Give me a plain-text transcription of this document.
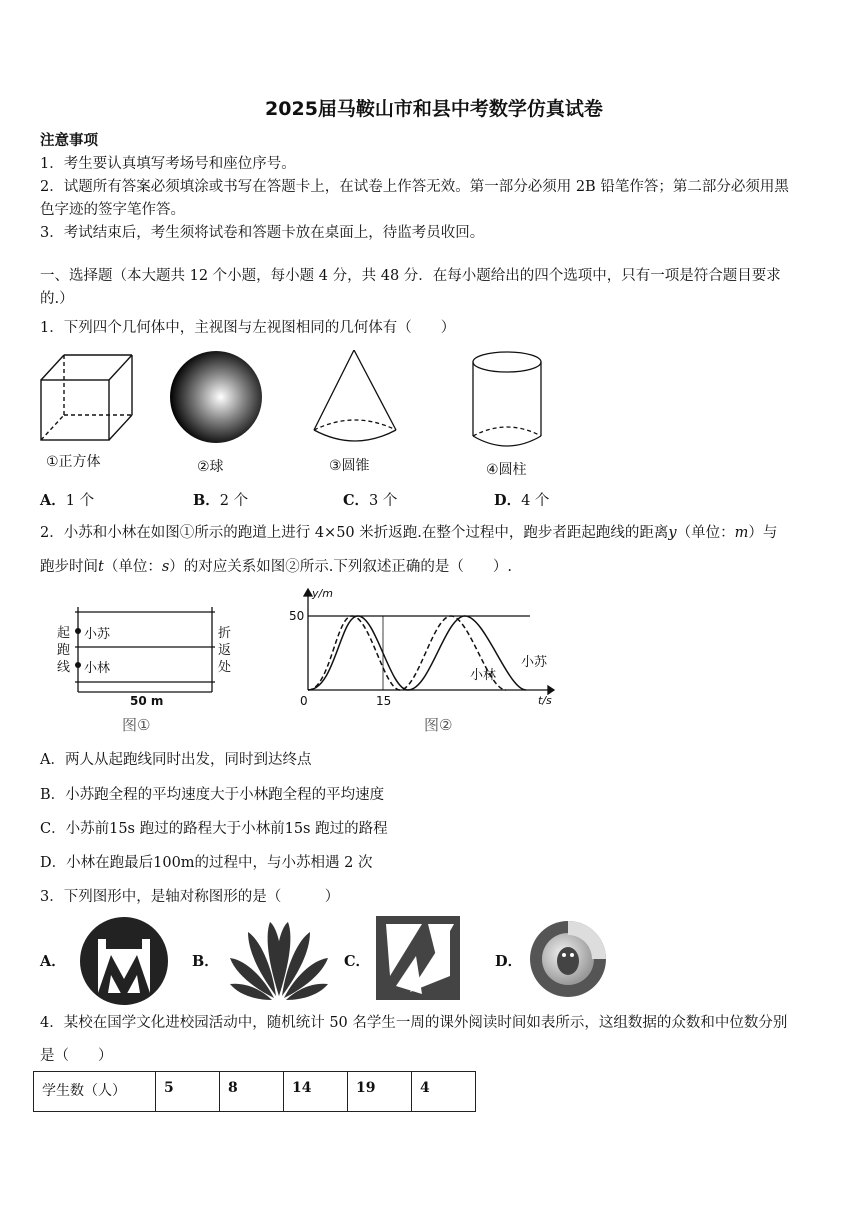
2025届马鞍山市和县中考数学仿真试卷
注意事项
1．考生要认真填写考场号和座位序号。
2．试题所有答案必须填涂或书写在答题卡上，在试卷上作答无效。第一部分必须用 2B 铅笔作答；第二部分必须用黑
色字迹的签字笔作答。
3．考试结束后，考生须将试卷和答题卡放在桌面上，待监考员收回。
一、选择题（本大题共 12 个小题，每小题 4 分，共 48 分．在每小题给出的四个选项中，只有一项是符合题目要求
的.）
1．下列四个几何体中，主视图与左视图相同的几何体有（　　）
①正方体	②球	③圆锥	④圆柱
A．1 个	B．2 个	C．3 个	D．4 个
2．小苏和小林在如图①所示的跑道上进行 4×50 米折返跑.在整个过程中，跑步者距起跑线的距离y（单位：m）与
跑步时间t（单位：s）的对应关系如图②所示.下列叙述正确的是（　　）.
起跑线
折返处
小苏
小林
50 m
图①
y/m
t/s
50
15
0
小林
小苏
图②
A．两人从起跑线同时出发，同时到达终点
B．小苏跑全程的平均速度大于小林跑全程的平均速度
C．小苏前15s 跑过的路程大于小林前15s 跑过的路程
D．小林在跑最后100m的过程中，与小苏相遇 2 次
3．下列图形中，是轴对称图形的是（　　　）
A．	B．	C．	D．
4．某校在国学文化进校园活动中，随机统计 50 名学生一周的课外阅读时间如表所示，这组数据的众数和中位数分别
是（　　）
学生数（人）	5	8	14	19	4
